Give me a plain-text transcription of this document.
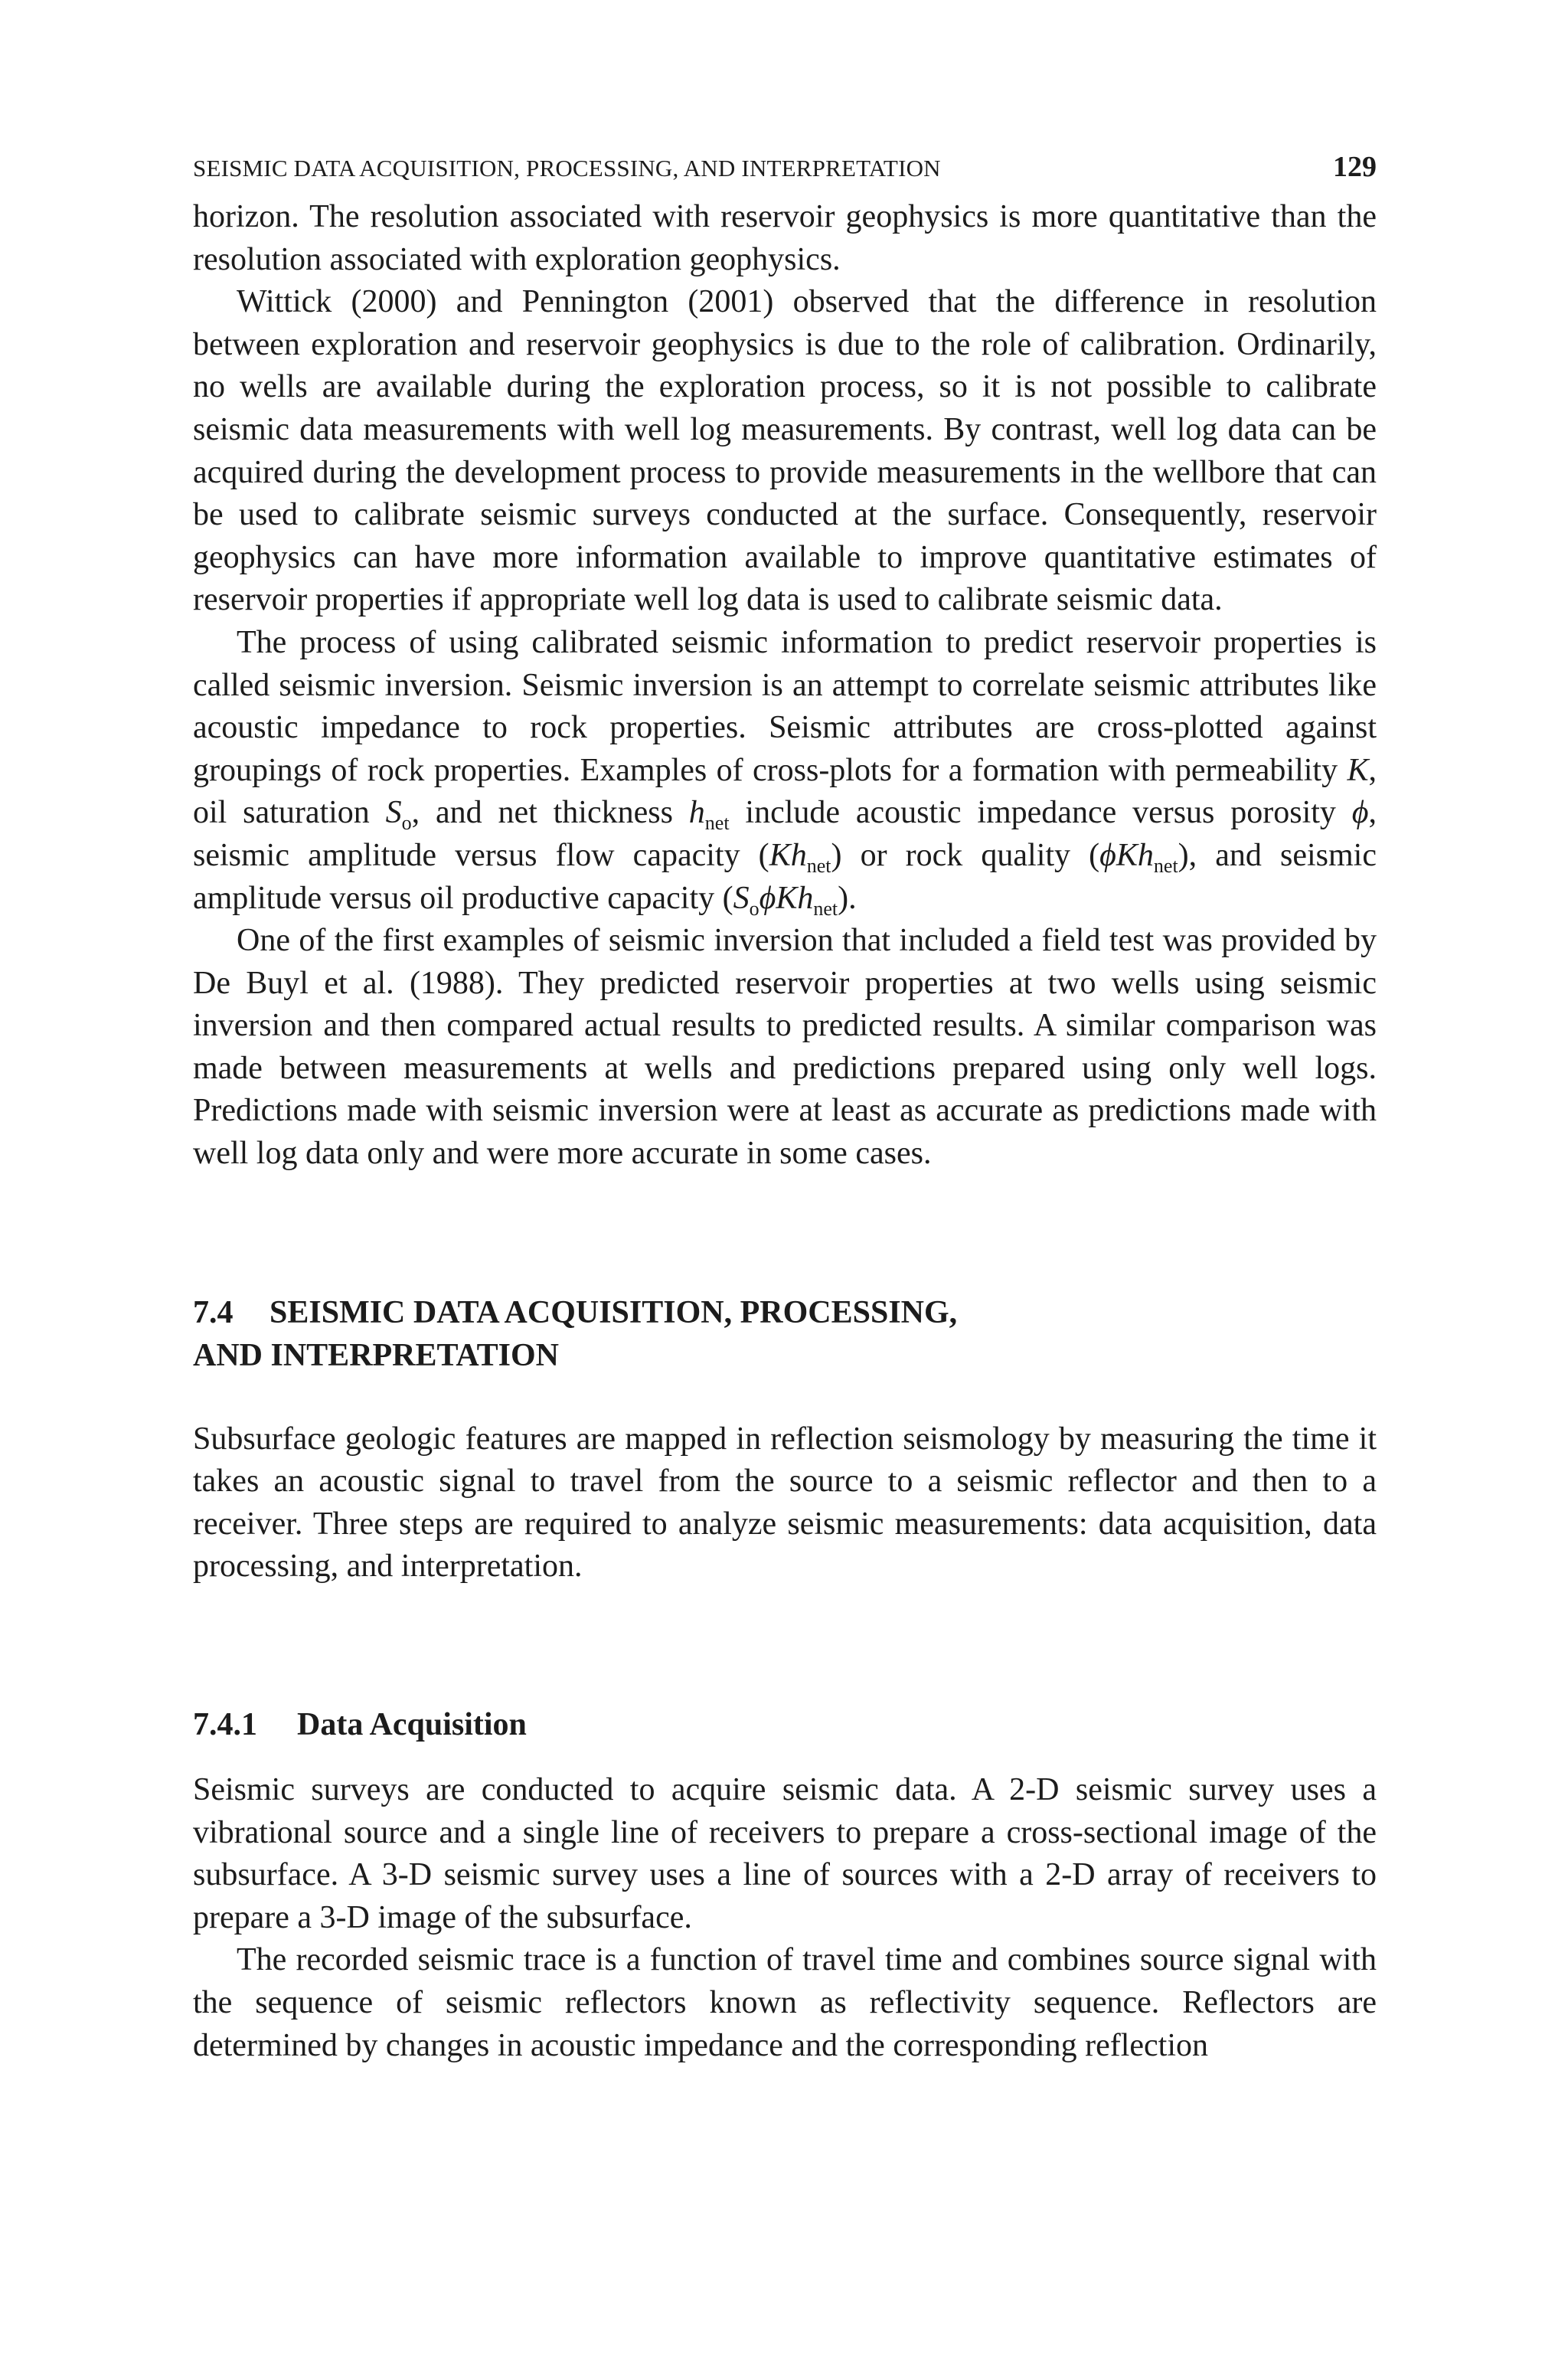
SEISMIC DATA ACQUISITION, PROCESSING, AND INTERPRETATION	129

horizon. The resolution associated with reservoir geophysics is more quantitative than the resolution associated with exploration geophysics.

Wittick (2000) and Pennington (2001) observed that the difference in resolution between exploration and reservoir geophysics is due to the role of calibration. Ordinarily, no wells are available during the exploration process, so it is not possible to calibrate seismic data measurements with well log measurements. By contrast, well log data can be acquired during the development process to provide measurements in the wellbore that can be used to calibrate seismic surveys conducted at the surface. Consequently, reservoir geophysics can have more information available to improve quantitative estimates of reservoir properties if appropriate well log data is used to calibrate seismic data.

The process of using calibrated seismic information to predict reservoir properties is called seismic inversion. Seismic inversion is an attempt to correlate seismic attributes like acoustic impedance to rock properties. Seismic attributes are cross-plotted against groupings of rock properties. Examples of cross-plots for a formation with permeability K, oil saturation $S_o$, and net thickness $h_{net}$ include acoustic impedance versus porosity ϕ, seismic amplitude versus flow capacity $(Kh_{net})$ or rock quality (ϕKh$_{net}$), and seismic amplitude versus oil productive capacity $(S_o\phi Kh_{net})$.

One of the first examples of seismic inversion that included a field test was provided by De Buyl et al. (1988). They predicted reservoir properties at two wells using seismic inversion and then compared actual results to predicted results. A similar comparison was made between measurements at wells and predictions prepared using only well logs. Predictions made with seismic inversion were at least as accurate as predictions made with well log data only and were more accurate in some cases.

7.4 SEISMIC DATA ACQUISITION, PROCESSING,
AND INTERPRETATION

Subsurface geologic features are mapped in reflection seismology by measuring the time it takes an acoustic signal to travel from the source to a seismic reflector and then to a receiver. Three steps are required to analyze seismic measurements: data acquisition, data processing, and interpretation.

7.4.1 Data Acquisition

Seismic surveys are conducted to acquire seismic data. A 2-D seismic survey uses a vibrational source and a single line of receivers to prepare a cross-sectional image of the subsurface. A 3-D seismic survey uses a line of sources with a 2-D array of receivers to prepare a 3-D image of the subsurface.

The recorded seismic trace is a function of travel time and combines source signal with the sequence of seismic reflectors known as reflectivity sequence. Reflectors are determined by changes in acoustic impedance and the corresponding reflection
